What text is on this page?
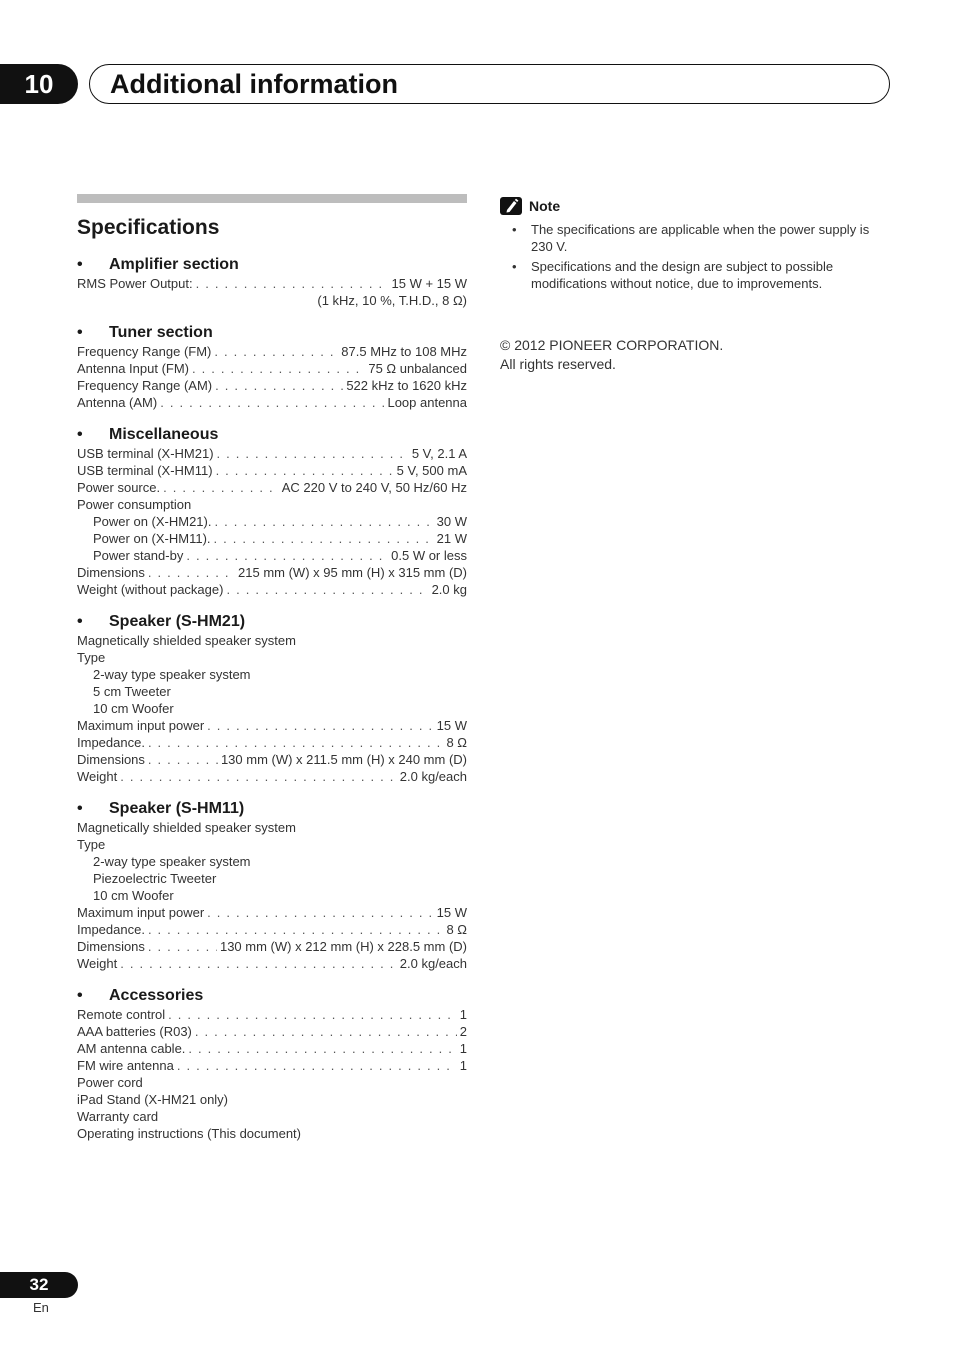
10	Additional information
Specifications
•	Amplifier section
RMS Power Output: . . .	15 W + 15 W
(1 kHz, 10 %, T.H.D., 8 Ω)
•	Tuner section
Frequency Range (FM) . . .	87.5 MHz to 108 MHz
Antenna Input (FM) . . .	75 Ω unbalanced
Frequency Range (AM) . . .	522 kHz to 1620 kHz
Antenna (AM) . . .	Loop antenna
•	Miscellaneous
USB terminal (X-HM21) . . .	5 V, 2.1 A
USB terminal (X-HM11) . . .	5 V, 500 mA
Power source. . . .	AC 220 V to 240 V, 50 Hz/60 Hz
Power consumption
Power on (X-HM21). . . .	30 W
Power on (X-HM11). . . .	21 W
Power stand-by . . .	0.5 W or less
Dimensions . . .	215 mm (W) x 95 mm (H) x 315 mm (D)
Weight (without package) . . .	2.0 kg
•	Speaker (S-HM21)
Magnetically shielded speaker system
Type
2-way type speaker system
5 cm Tweeter
10 cm Woofer
Maximum input power . . .	15 W
Impedance. . . .	8 Ω
Dimensions . . .	130 mm (W) x 211.5 mm (H) x 240 mm (D)
Weight . . .	2.0 kg/each
•	Speaker (S-HM11)
Magnetically shielded speaker system
Type
2-way type speaker system
Piezoelectric Tweeter
10 cm Woofer
Maximum input power . . .	15 W
Impedance. . . .	8 Ω
Dimensions . . .	130 mm (W) x 212 mm (H) x 228.5 mm (D)
Weight . . .	2.0 kg/each
•	Accessories
Remote control . . .	1
AAA batteries (R03) . . .	2
AM antenna cable. . . .	1
FM wire antenna . . .	1
Power cord
iPad Stand (X-HM21 only)
Warranty card
Operating instructions (This document)
Note
•	The specifications are applicable when the power supply is 230 V.
•	Specifications and the design are subject to possible modifications without notice, due to improvements.
© 2012 PIONEER CORPORATION.
All rights reserved.
32
En
